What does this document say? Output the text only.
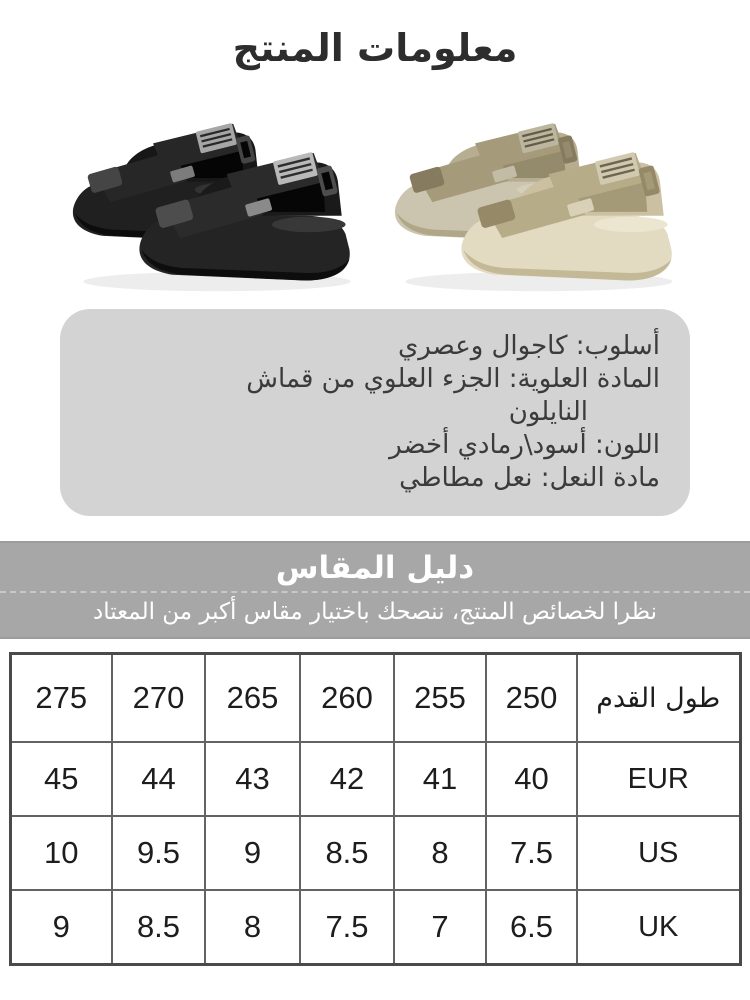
معلومات المنتج
أسلوب: كاجوال وعصري
المادة العلوية: الجزء العلوي من قماش
النايلون
اللون: أسود\رمادي أخضر
مادة النعل: نعل مطاطي
دليل المقاس
نظرا لخصائص المنتج، ننصحك باختيار مقاس أكبر من المعتاد
طول القدم	250	255	260	265	270	275
EUR	40	41	42	43	44	45
US	7.5	8	8.5	9	9.5	10
UK	6.5	7	7.5	8	8.5	9
